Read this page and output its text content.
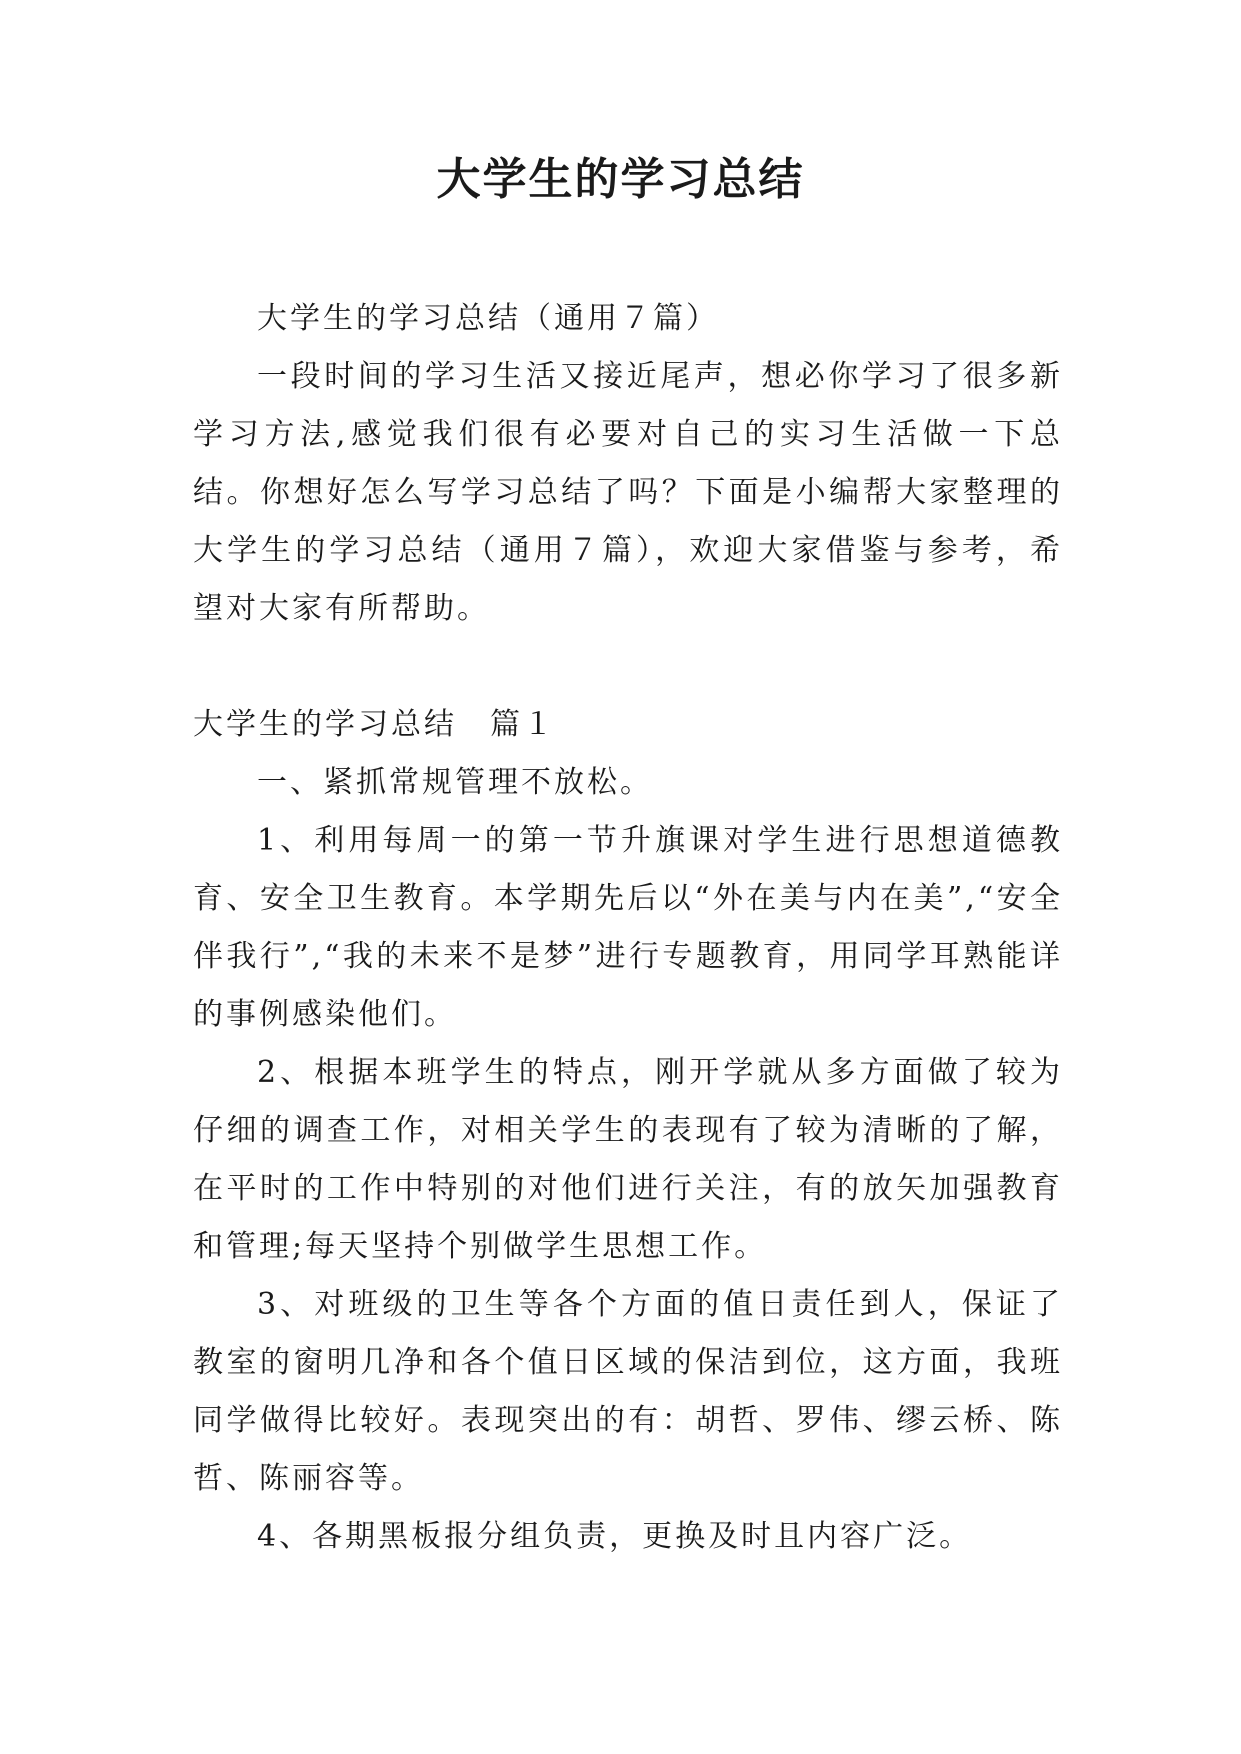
大学生的学习总结

大学生的学习总结（通用７篇）

一段时间的学习生活又接近尾声，想必你学习了很多新学习方法,感觉我们很有必要对自己的实习生活做一下总结。你想好怎么写学习总结了吗？下面是小编帮大家整理的大学生的学习总结（通用７篇），欢迎大家借鉴与参考，希望对大家有所帮助。

大学生的学习总结　篇１

一、紧抓常规管理不放松。

1、利用每周一的第一节升旗课对学生进行思想道德教育、安全卫生教育。本学期先后以“外在美与内在美”,“安全伴我行”,“我的未来不是梦”进行专题教育，用同学耳熟能详的事例感染他们。

2、根据本班学生的特点，刚开学就从多方面做了较为仔细的调查工作，对相关学生的表现有了较为清晰的了解，在平时的工作中特别的对他们进行关注，有的放矢加强教育和管理;每天坚持个别做学生思想工作。

3、对班级的卫生等各个方面的值日责任到人，保证了教室的窗明几净和各个值日区域的保洁到位，这方面，我班同学做得比较好。表现突出的有：胡哲、罗伟、缪云桥、陈哲、陈丽容等。

4、各期黑板报分组负责，更换及时且内容广泛。
